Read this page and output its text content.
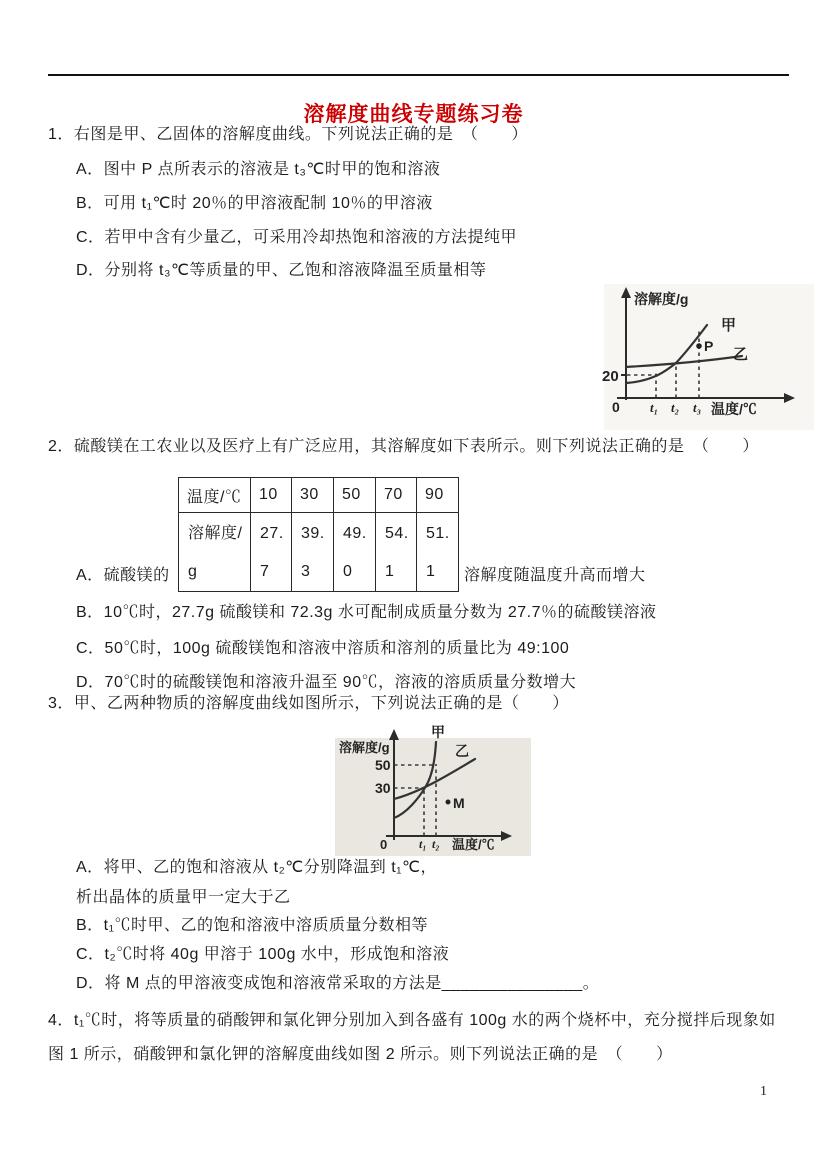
溶解度曲线专题练习卷
1．右图是甲、乙固体的溶解度曲线。下列说法正确的是　（　　）
A．图中 P 点所表示的溶液是 t₃℃时甲的饱和溶液
B．可用 t₁℃时 20％的甲溶液配制 10％的甲溶液
C．若甲中含有少量乙，可采用冷却热饱和溶液的方法提纯甲
D．分别将 t₃℃等质量的甲、乙饱和溶液降温至质量相等
溶解度/g
甲
乙
P
20
0 t₁ t₂ t₃ 温度/℃
2．硫酸镁在工农业以及医疗上有广泛应用，其溶解度如下表所示。则下列说法正确的是　（　　）
温度/℃	10	30	50	70	90
溶解度/g	27.7	39.3	49.0	54.1	51.1
A．硫酸镁的	溶解度随温度升高而增大
B．10℃时，27.7g 硫酸镁和 72.3g 水可配制成质量分数为 27.7％的硫酸镁溶液
C．50℃时，100g 硫酸镁饱和溶液中溶质和溶剂的质量比为 49:100
D．70℃时的硫酸镁饱和溶液升温至 90℃，溶液的溶质质量分数增大
3．甲、乙两种物质的溶解度曲线如图所示，下列说法正确的是（　　）
溶解度/g
50
30
甲
乙
M
0	t₁ t₂ 温度/℃
A．将甲、乙的饱和溶液从 t₂℃分别降温到 t₁℃，
析出晶体的质量甲一定大于乙
B．t₁℃时甲、乙的饱和溶液中溶质质量分数相等
C．t₂℃时将 40g 甲溶于 100g 水中，形成饱和溶液
D．将 M 点的甲溶液变成饱和溶液常采取的方法是_______________。
4．t₁℃时，将等质量的硝酸钾和氯化钾分别加入到各盛有 100g 水的两个烧杯中，充分搅拌后现象如图 1 所示，硝酸钾和氯化钾的溶解度曲线如图 2 所示。则下列说法正确的是　（　　）
1
